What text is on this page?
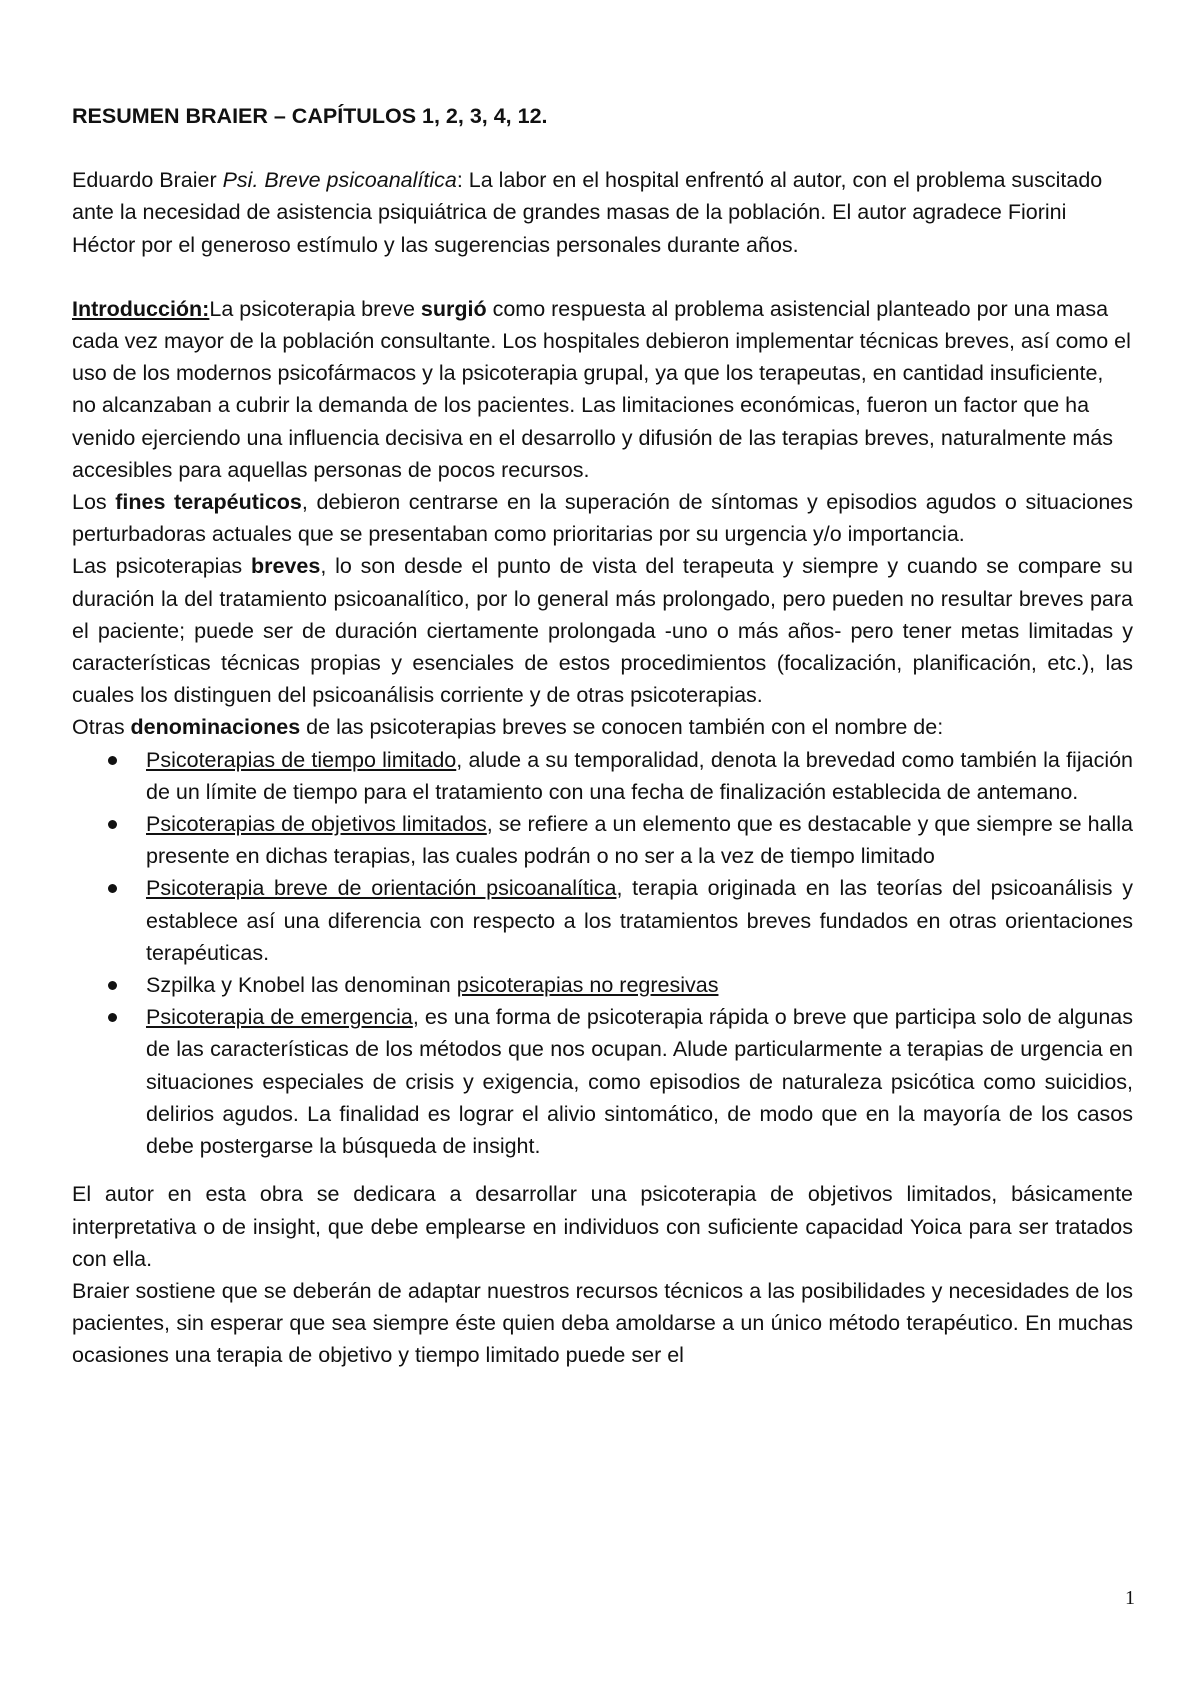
RESUMEN BRAIER – CAPÍTULOS 1, 2, 3, 4, 12.

Eduardo Braier Psi. Breve psicoanalítica: La labor en el hospital enfrentó al autor, con el problema suscitado ante la necesidad de asistencia psiquiátrica de grandes masas de la población. El autor agradece Fiorini Héctor por el generoso estímulo y las sugerencias personales durante años.

Introducción:La psicoterapia breve surgió como respuesta al problema asistencial planteado por una masa cada vez mayor de la población consultante. Los hospitales debieron implementar técnicas breves, así como el uso de los modernos psicofármacos y la psicoterapia grupal, ya que los terapeutas, en cantidad insuficiente, no alcanzaban a cubrir la demanda de los pacientes. Las limitaciones económicas, fueron un factor que ha venido ejerciendo una influencia decisiva en el desarrollo y difusión de las terapias breves, naturalmente más accesibles para aquellas personas de pocos recursos.

Los fines terapéuticos, debieron centrarse en la superación de síntomas y episodios agudos o situaciones perturbadoras actuales que se presentaban como prioritarias por su urgencia y/o importancia.

Las psicoterapias breves, lo son desde el punto de vista del terapeuta y siempre y cuando se compare su duración la del tratamiento psicoanalítico, por lo general más prolongado, pero pueden no resultar breves para el paciente; puede ser de duración ciertamente prolongada -uno o más años- pero tener metas limitadas y características técnicas propias y esenciales de estos procedimientos (focalización, planificación, etc.), las cuales los distinguen del psicoanálisis corriente y de otras psicoterapias.

Otras denominaciones de las psicoterapias breves se conocen también con el nombre de:

Psicoterapias de tiempo limitado, alude a su temporalidad, denota la brevedad como también la fijación de un límite de tiempo para el tratamiento con una fecha de finalización establecida de antemano.
Psicoterapias de objetivos limitados, se refiere a un elemento que es destacable y que siempre se halla presente en dichas terapias, las cuales podrán o no ser a la vez de tiempo limitado
Psicoterapia breve de orientación psicoanalítica, terapia originada en las teorías del psicoanálisis y establece así una diferencia con respecto a los tratamientos breves fundados en otras orientaciones terapéuticas.
Szpilka y Knobel las denominan psicoterapias no regresivas
Psicoterapia de emergencia, es una forma de psicoterapia rápida o breve que participa solo de algunas de las características de los métodos que nos ocupan. Alude particularmente a terapias de urgencia en situaciones especiales de crisis y exigencia, como episodios de naturaleza psicótica como suicidios, delirios agudos. La finalidad es lograr el alivio sintomático, de modo que en la mayoría de los casos debe postergarse la búsqueda de insight.

El autor en esta obra se dedicara a desarrollar una psicoterapia de objetivos limitados, básicamente interpretativa o de insight, que debe emplearse en individuos con suficiente capacidad Yoica para ser tratados con ella.

Braier sostiene que se deberán de adaptar nuestros recursos técnicos a las posibilidades y necesidades de los pacientes, sin esperar que sea siempre éste quien deba amoldarse a un único método terapéutico. En muchas ocasiones una terapia de objetivo y tiempo limitado puede ser el

1
